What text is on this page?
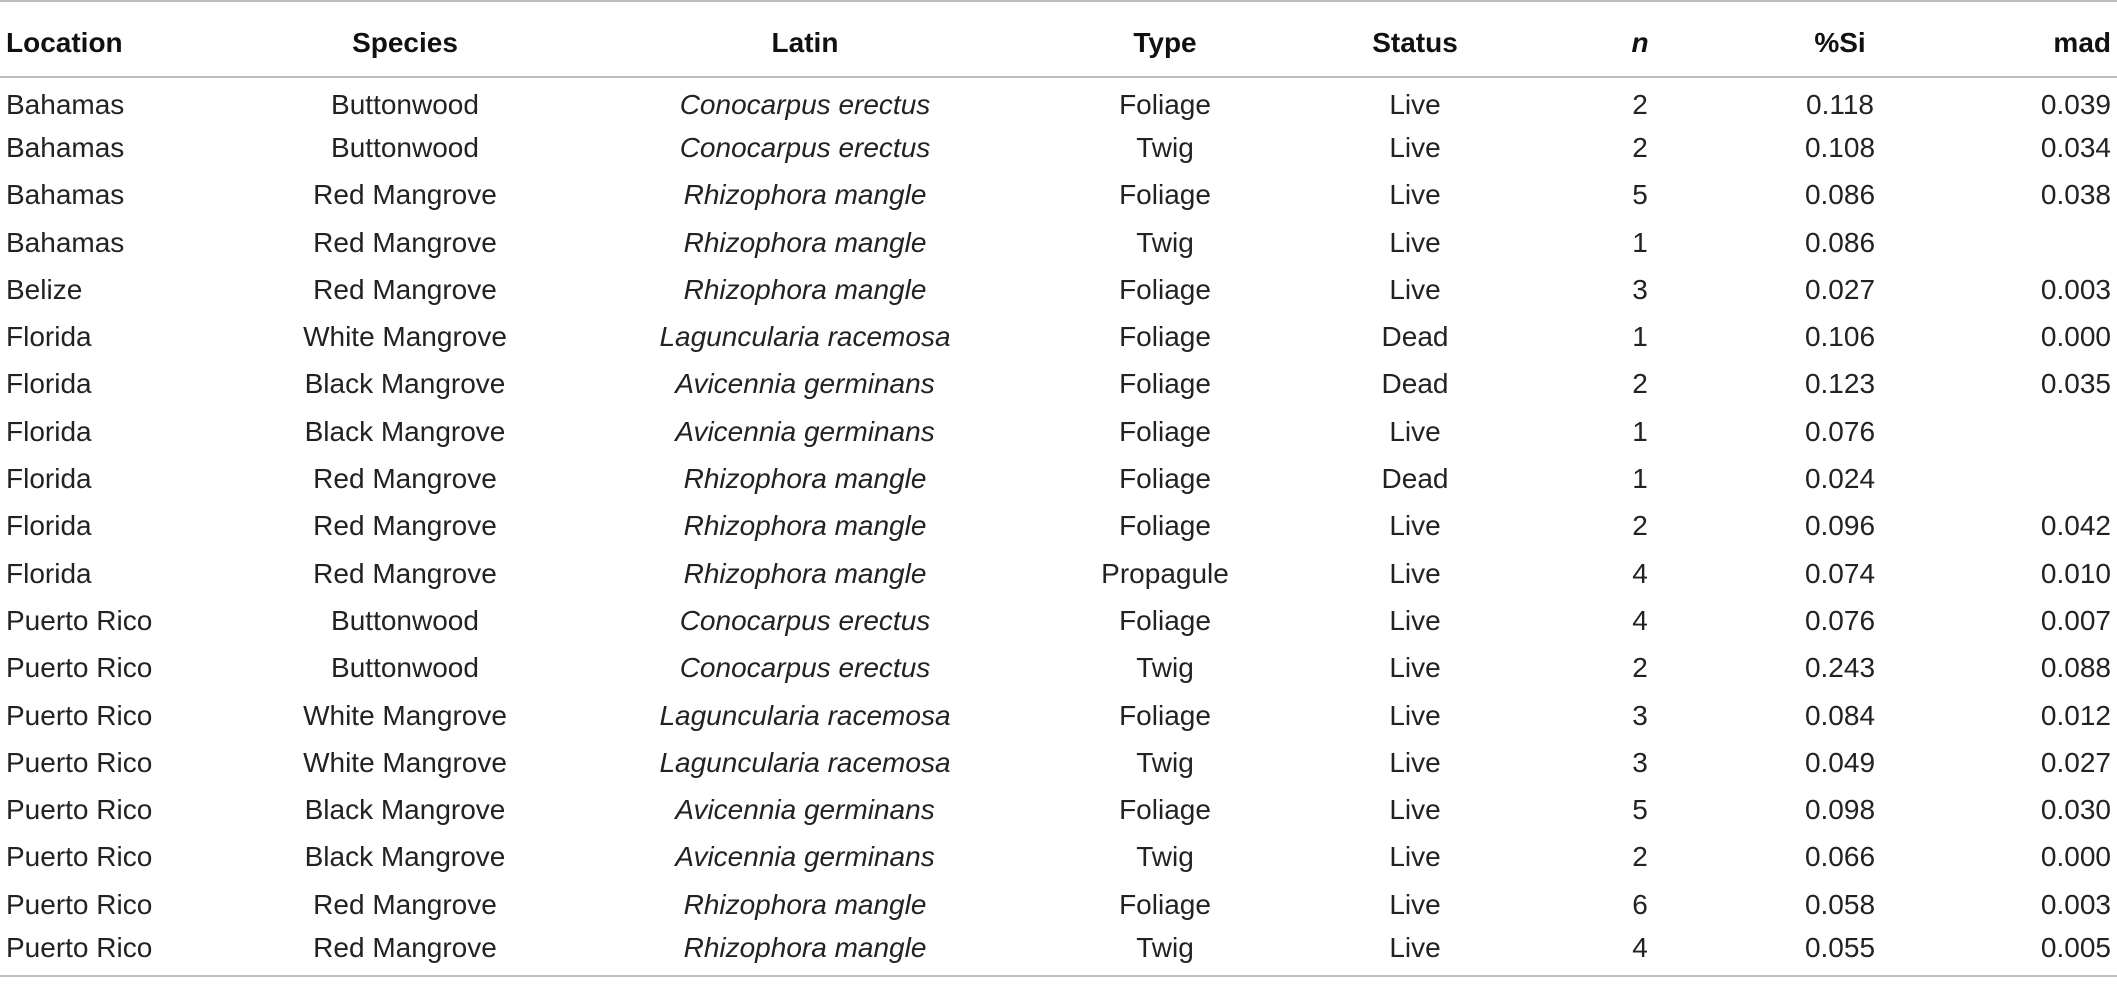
Location	Species	Latin	Type	Status	n	%Si	mad
Bahamas	Buttonwood	Conocarpus erectus	Foliage	Live	2	0.118	0.039
Bahamas	Buttonwood	Conocarpus erectus	Twig	Live	2	0.108	0.034
Bahamas	Red Mangrove	Rhizophora mangle	Foliage	Live	5	0.086	0.038
Bahamas	Red Mangrove	Rhizophora mangle	Twig	Live	1	0.086	
Belize	Red Mangrove	Rhizophora mangle	Foliage	Live	3	0.027	0.003
Florida	White Mangrove	Laguncularia racemosa	Foliage	Dead	1	0.106	0.000
Florida	Black Mangrove	Avicennia germinans	Foliage	Dead	2	0.123	0.035
Florida	Black Mangrove	Avicennia germinans	Foliage	Live	1	0.076	
Florida	Red Mangrove	Rhizophora mangle	Foliage	Dead	1	0.024	
Florida	Red Mangrove	Rhizophora mangle	Foliage	Live	2	0.096	0.042
Florida	Red Mangrove	Rhizophora mangle	Propagule	Live	4	0.074	0.010
Puerto Rico	Buttonwood	Conocarpus erectus	Foliage	Live	4	0.076	0.007
Puerto Rico	Buttonwood	Conocarpus erectus	Twig	Live	2	0.243	0.088
Puerto Rico	White Mangrove	Laguncularia racemosa	Foliage	Live	3	0.084	0.012
Puerto Rico	White Mangrove	Laguncularia racemosa	Twig	Live	3	0.049	0.027
Puerto Rico	Black Mangrove	Avicennia germinans	Foliage	Live	5	0.098	0.030
Puerto Rico	Black Mangrove	Avicennia germinans	Twig	Live	2	0.066	0.000
Puerto Rico	Red Mangrove	Rhizophora mangle	Foliage	Live	6	0.058	0.003
Puerto Rico	Red Mangrove	Rhizophora mangle	Twig	Live	4	0.055	0.005
